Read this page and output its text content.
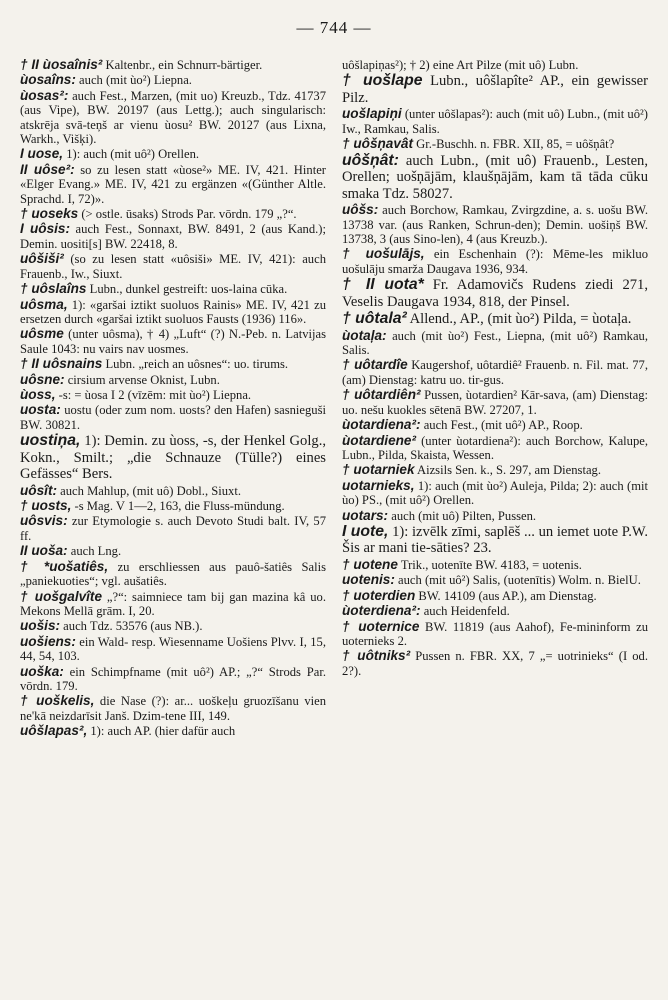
— 744 —

† II ùosaînis² Kaltenbr., ein Schnurr-bärtiger.

ùosaîns: auch (mit ùo²) Liepna.

ùosas²: auch Fest., Marzen, (mit uo) Kreuzb., Tdz. 41737 (aus Vipe), BW. 20197 (aus Lettg.); auch singularisch: atskrēja svā-teņš ar vienu ùosu² BW. 20127 (aus Lixna, Warkh., Višķi).

I uose, 1): auch (mit uô²) Orellen.

II uôse²: so zu lesen statt «ùose²» ME. IV, 421. Hinter «Elger Evang.» ME. IV, 421 zu ergänzen «(Günther Altle. Sprachd. I, 72)».

† uoseks (> ostle. ūsaks) Strods Par. vōrdn. 179 „?“.

I uôsis: auch Fest., Sonnaxt, BW. 8491, 2 (aus Kand.); Demin. uositi[s] BW. 22418, 8.

uôšiši² (so zu lesen statt «uôsiši» ME. IV, 421): auch Frauenb., Iw., Siuxt.

† uôslaîns Lubn., dunkel gestreift: uos-laina cūka.

uôsma, 1): «garšai iztikt suoluos Rainis» ME. IV, 421 zu ersetzen durch «garšai iztikt suoluos Fausts (1936) 116».

uôsme (unter uôsma), † 4) „Luft“ (?) N.-Peb. n. Latvijas Saule 1043: nu vairs nav uosmes.

† II uôsnains Lubn. „reich an uôsnes“: uo. tirums.

uôsne: cirsium arvense Oknist, Lubn.

ùoss, -s: = ùosa I 2 (vīzēm: mit ùo²) Liepna.

uosta: uostu (oder zum nom. uosts? den Hafen) sasnieguši BW. 30821.

uostiņa, 1): Demin. zu ùoss, -s, der Henkel Golg., Kokn., Smilt.; „die Schnauze (Tülle?) eines Gefässes“ Bers.

uôsît: auch Mahlup, (mit uô) Dobl., Siuxt.

† uosts, -s Mag. V 1—2, 163, die Fluss-mündung.

uôsvis: zur Etymologie s. auch Devoto Studi balt. IV, 57 ff.

II uoša: auch Lng.

† *uošatiês, zu erschliessen aus pauô-šatiês Salis „paniekuoties“; vgl. aušatiês.

† uošgalvîte „?“: saimniece tam bij gan mazina kâ uo. Mekons Mellā grām. I, 20.

uošis: auch Tdz. 53576 (aus NB.).

uošiens: ein Wald- resp. Wiesenname Uošiens Plvv. I, 15, 44, 54, 103.

uoška: ein Schimpfname (mit uô²) AP.; „?“ Strods Par. vōrdn. 179.

† uoškelis, die Nase (?): ar... uoškeļu gruozīšanu vien ne'kā neizdarīsit Janš. Dzim-tene III, 149.

uôšlapas², 1): auch AP. (hier dafür auch

uôšlapiņas²); † 2) eine Art Pilze (mit uô) Lubn.

† uošlape Lubn., uôšlapîte² AP., ein gewisser Pilz.

uošlapiņi (unter uôšlapas²): auch (mit uô) Lubn., (mit uô²) Iw., Ramkau, Salis.

† uôšņavât Gr.-Buschh. n. FBR. XII, 85, = uôšņât?

uôšņât: auch Lubn., (mit uô) Frauenb., Lesten, Orellen; uošņājām, klaušņājām, kam tā tāda cūku smaka Tdz. 58027.

uôšs: auch Borchow, Ramkau, Zvirgzdine, a. s. uošu BW. 13738 var. (aus Ranken, Schrun-den); Demin. uošiņš BW. 13738, 3 (aus Sino-len), 4 (aus Kreuzb.).

† uošulājs, ein Eschenhain (?): Mēme-les mikluo uošulāju smarža Daugava 1936, 934.

† II uota* Fr. Adamovičs Rudens ziedi 271, Veselis Daugava 1934, 818, der Pinsel.

† uôtala² Allend., AP., (mit ùo²) Pilda, = ùotaļa.

ùotaļa: auch (mit ùo²) Fest., Liepna, (mit uô²) Ramkau, Salis.

† uôtardîe Kaugershof, uôtardiê² Frauenb. n. Fil. mat. 77, (am) Dienstag: katru uo. tir-gus.

† uôtardiên² Pussen, ùotardien² Kār-sava, (am) Dienstag: uo. nešu kuokles sētenā BW. 27207, 1.

ùotardiena²: auch Fest., (mit uô²) AP., Roop.

ùotardiene² (unter ùotardiena²): auch Borchow, Kalupe, Lubn., Pilda, Skaista, Wessen.

† uotarniek Aizsils Sen. k., S. 297, am Dienstag.

uotarnieks, 1): auch (mit ùo²) Auleja, Pilda; 2): auch (mit ùo) PS., (mit uô²) Orellen.

uotars: auch (mit uô) Pilten, Pussen.

I uote, 1): izvēlk zīmi, saplēš ... un iemet uote P.W. Šis ar mani tie-sāties? 23.

† uotene Trik., uotenīte BW. 4183, = uotenis.

uotenis: auch (mit uô²) Salis, (uotenītis) Wolm. n. BielU.

† uoterdien BW. 14109 (aus AP.), am Dienstag.

ùoterdiena²: auch Heidenfeld.

† uoternice BW. 11819 (aus Aahof), Fe-mininform zu uoternieks 2.

† uôtniks² Pussen n. FBR. XX, 7 „= uotrinieks“ (I od. 2?).
